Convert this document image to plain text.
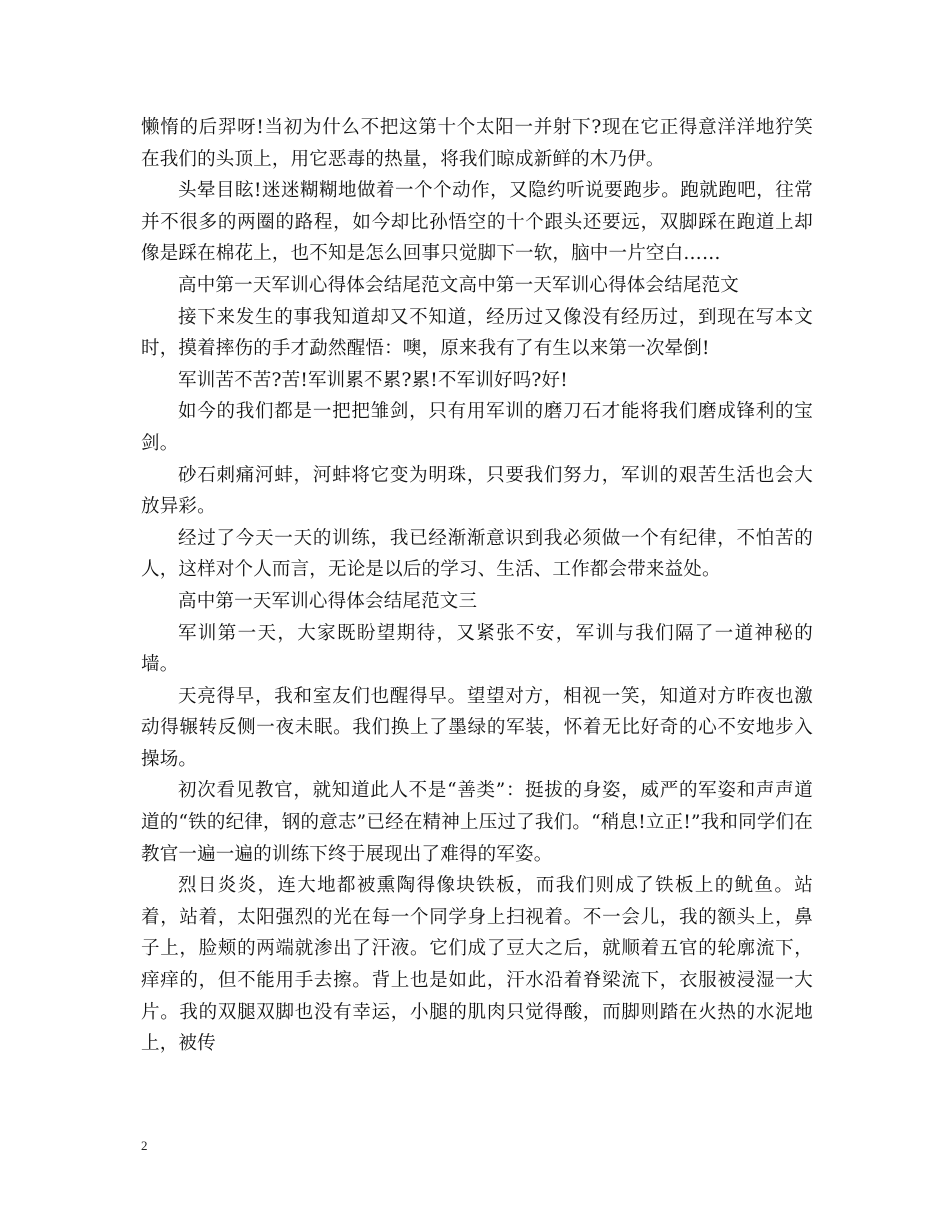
懒惰的后羿呀!当初为什么不把这第十个太阳一并射下?现在它正得意洋洋地狞笑在我们的头顶上，用它恶毒的热量，将我们晾成新鲜的木乃伊。

头晕目眩!迷迷糊糊地做着一个个动作，又隐约听说要跑步。跑就跑吧，往常并不很多的两圈的路程，如今却比孙悟空的十个跟头还要远，双脚踩在跑道上却像是踩在棉花上，也不知是怎么回事只觉脚下一软，脑中一片空白……

高中第一天军训心得体会结尾范文高中第一天军训心得体会结尾范文

接下来发生的事我知道却又不知道，经历过又像没有经历过，到现在写本文时，摸着摔伤的手才勐然醒悟：噢，原来我有了有生以来第一次晕倒!

军训苦不苦?苦!军训累不累?累!不军训好吗?好!

如今的我们都是一把把雏剑，只有用军训的磨刀石才能将我们磨成锋利的宝剑。

砂石刺痛河蚌，河蚌将它变为明珠，只要我们努力，军训的艰苦生活也会大放异彩。

经过了今天一天的训练，我已经渐渐意识到我必须做一个有纪律，不怕苦的人，这样对个人而言，无论是以后的学习、生活、工作都会带来益处。

高中第一天军训心得体会结尾范文三

军训第一天，大家既盼望期待，又紧张不安，军训与我们隔了一道神秘的墙。

天亮得早，我和室友们也醒得早。望望对方，相视一笑，知道对方昨夜也激动得辗转反侧一夜未眠。我们换上了墨绿的军装，怀着无比好奇的心不安地步入操场。

初次看见教官，就知道此人不是“善类”：挺拔的身姿，威严的军姿和声声道道的“铁的纪律，钢的意志”已经在精神上压过了我们。“稍息!立正!”我和同学们在教官一遍一遍的训练下终于展现出了难得的军姿。

烈日炎炎，连大地都被熏陶得像块铁板，而我们则成了铁板上的鱿鱼。站着，站着，太阳强烈的光在每一个同学身上扫视着。不一会儿，我的额头上，鼻子上，脸颊的两端就渗出了汗液。它们成了豆大之后，就顺着五官的轮廓流下，痒痒的，但不能用手去擦。背上也是如此，汗水沿着脊梁流下，衣服被浸湿一大片。我的双腿双脚也没有幸运，小腿的肌肉只觉得酸，而脚则踏在火热的水泥地上，被传

2
